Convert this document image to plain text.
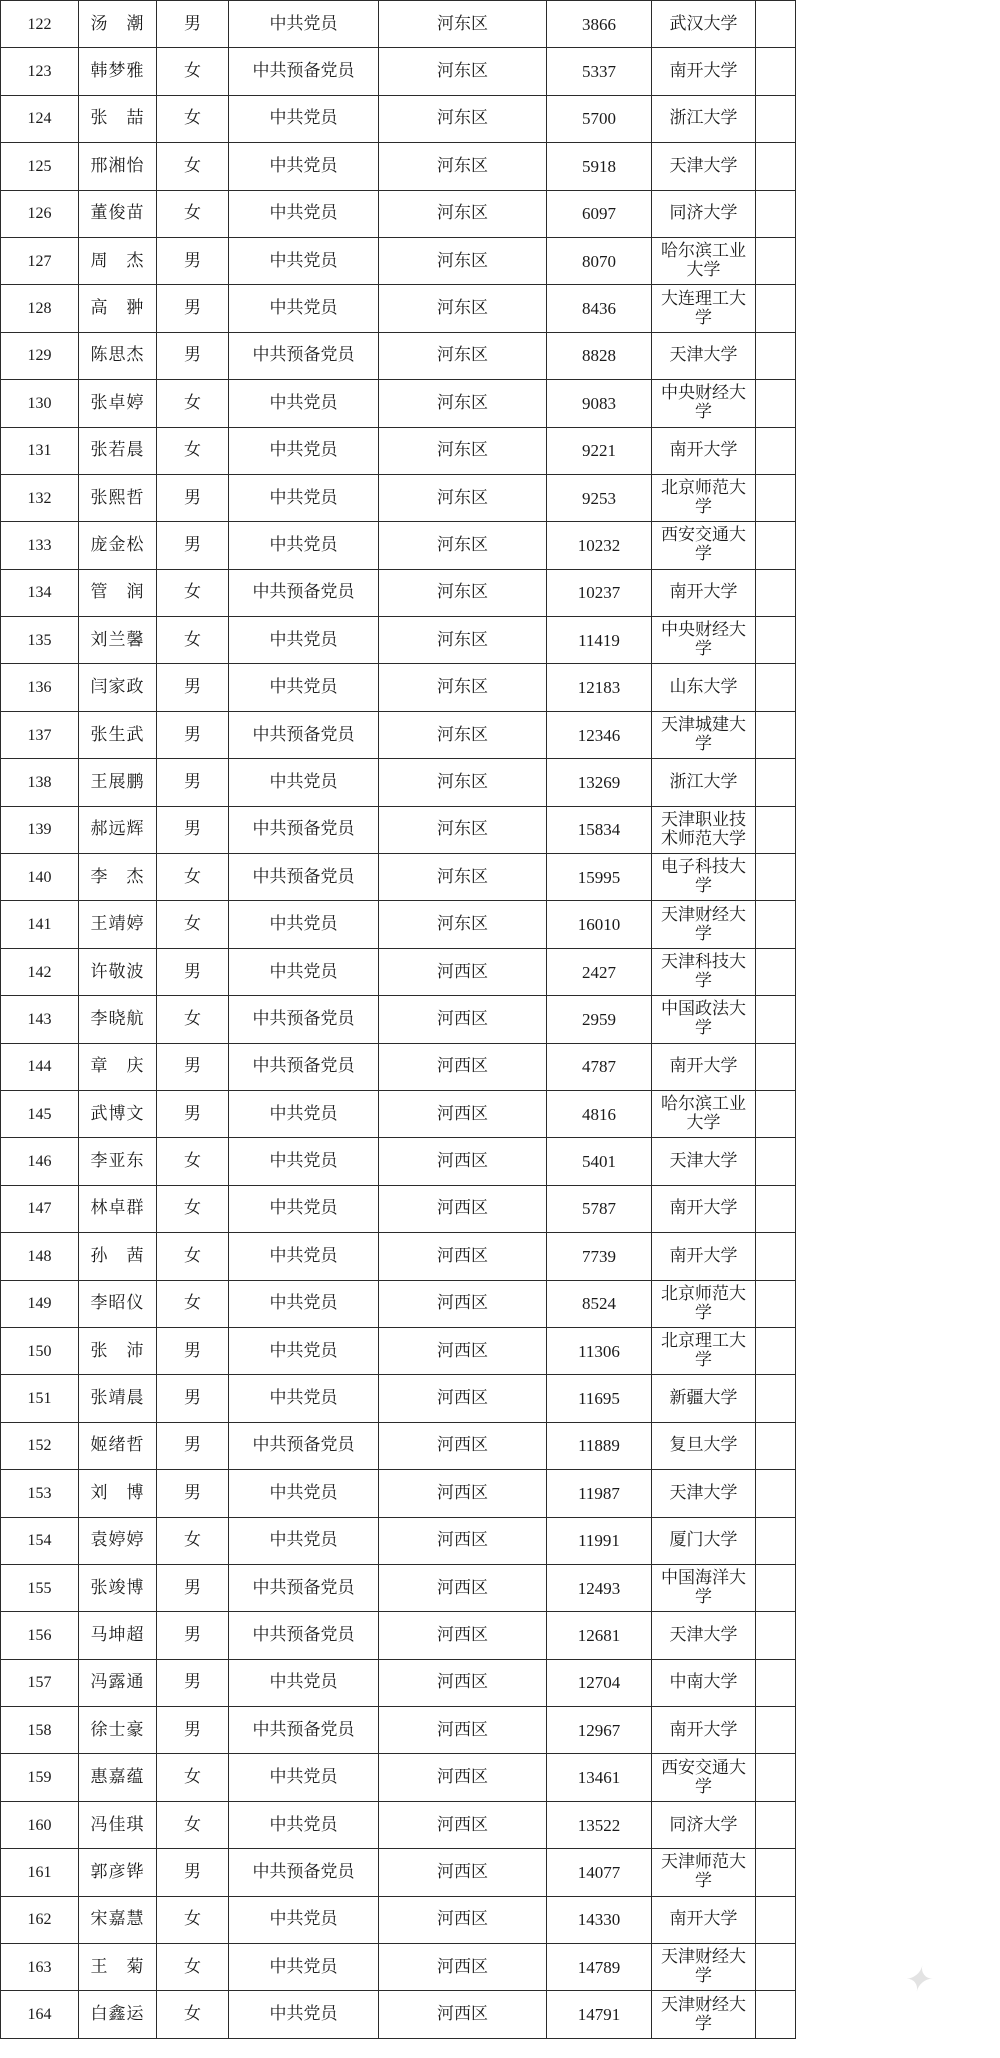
122	汤　潮	男	中共党员	河东区	3866	武汉大学	
123	韩梦雅	女	中共预备党员	河东区	5337	南开大学	
124	张　喆	女	中共党员	河东区	5700	浙江大学	
125	邢湘怡	女	中共党员	河东区	5918	天津大学	
126	董俊苗	女	中共党员	河东区	6097	同济大学	
127	周　杰	男	中共党员	河东区	8070	哈尔滨工业大学	
128	高　翀	男	中共党员	河东区	8436	大连理工大学	
129	陈思杰	男	中共预备党员	河东区	8828	天津大学	
130	张卓婷	女	中共党员	河东区	9083	中央财经大学	
131	张若晨	女	中共党员	河东区	9221	南开大学	
132	张熙哲	男	中共党员	河东区	9253	北京师范大学	
133	庞金松	男	中共党员	河东区	10232	西安交通大学	
134	管　润	女	中共预备党员	河东区	10237	南开大学	
135	刘兰馨	女	中共党员	河东区	11419	中央财经大学	
136	闫家政	男	中共党员	河东区	12183	山东大学	
137	张生武	男	中共预备党员	河东区	12346	天津城建大学	
138	王展鹏	男	中共党员	河东区	13269	浙江大学	
139	郝远辉	男	中共预备党员	河东区	15834	天津职业技术师范大学	
140	李　杰	女	中共预备党员	河东区	15995	电子科技大学	
141	王靖婷	女	中共党员	河东区	16010	天津财经大学	
142	许敬波	男	中共党员	河西区	2427	天津科技大学	
143	李晓航	女	中共预备党员	河西区	2959	中国政法大学	
144	章　庆	男	中共预备党员	河西区	4787	南开大学	
145	武博文	男	中共党员	河西区	4816	哈尔滨工业大学	
146	李亚东	女	中共党员	河西区	5401	天津大学	
147	林卓群	女	中共党员	河西区	5787	南开大学	
148	孙　茜	女	中共党员	河西区	7739	南开大学	
149	李昭仪	女	中共党员	河西区	8524	北京师范大学	
150	张　沛	男	中共党员	河西区	11306	北京理工大学	
151	张靖晨	男	中共党员	河西区	11695	新疆大学	
152	姬绪哲	男	中共预备党员	河西区	11889	复旦大学	
153	刘　博	男	中共党员	河西区	11987	天津大学	
154	袁婷婷	女	中共党员	河西区	11991	厦门大学	
155	张竣博	男	中共预备党员	河西区	12493	中国海洋大学	
156	马坤超	男	中共预备党员	河西区	12681	天津大学	
157	冯露通	男	中共党员	河西区	12704	中南大学	
158	徐士豪	男	中共预备党员	河西区	12967	南开大学	
159	惠嘉蕴	女	中共党员	河西区	13461	西安交通大学	
160	冯佳琪	女	中共党员	河西区	13522	同济大学	
161	郭彦铧	男	中共预备党员	河西区	14077	天津师范大学	
162	宋嘉慧	女	中共党员	河西区	14330	南开大学	
163	王　菊	女	中共党员	河西区	14789	天津财经大学	
164	白鑫运	女	中共党员	河西区	14791	天津财经大学	
✦
